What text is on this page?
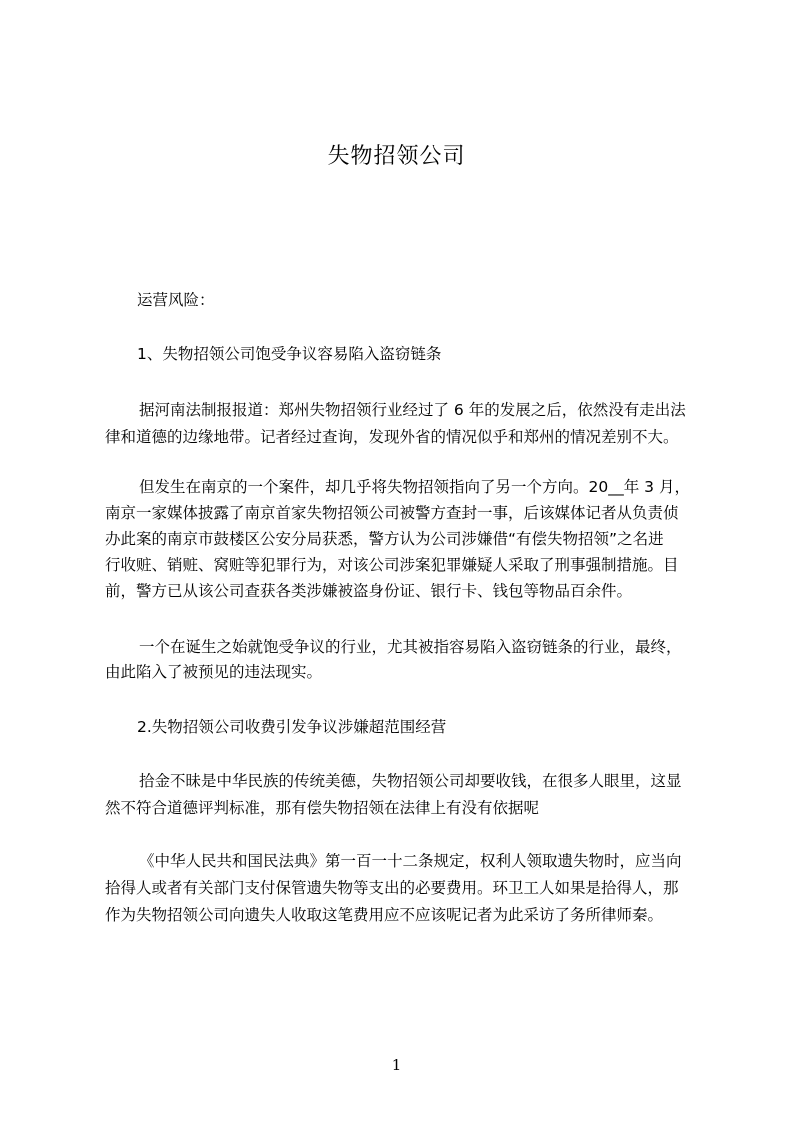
失物招领公司
运营风险：
1、失物招领公司饱受争议容易陷入盗窃链条
据河南法制报报道：郑州失物招领行业经过了 6 年的发展之后，依然没有走出法
律和道德的边缘地带。记者经过查询，发现外省的情况似乎和郑州的情况差别不大。
但发生在南京的一个案件，却几乎将失物招领指向了另一个方向。20__年 3 月，
南京一家媒体披露了南京首家失物招领公司被警方查封一事，后该媒体记者从负责侦
办此案的南京市鼓楼区公安分局获悉，警方认为公司涉嫌借“有偿失物招领”之名进
行收赃、销赃、窝赃等犯罪行为，对该公司涉案犯罪嫌疑人采取了刑事强制措施。目
前，警方已从该公司查获各类涉嫌被盗身份证、银行卡、钱包等物品百余件。
一个在诞生之始就饱受争议的行业，尤其被指容易陷入盗窃链条的行业，最终，
由此陷入了被预见的违法现实。
2.失物招领公司收费引发争议涉嫌超范围经营
拾金不昧是中华民族的传统美德，失物招领公司却要收钱，在很多人眼里，这显
然不符合道德评判标准，那有偿失物招领在法律上有没有依据呢
《中华人民共和国民法典》第一百一十二条规定，权利人领取遗失物时，应当向
拾得人或者有关部门支付保管遗失物等支出的必要费用。环卫工人如果是拾得人，那
作为失物招领公司向遗失人收取这笔费用应不应该呢记者为此采访了务所律师秦。
1
